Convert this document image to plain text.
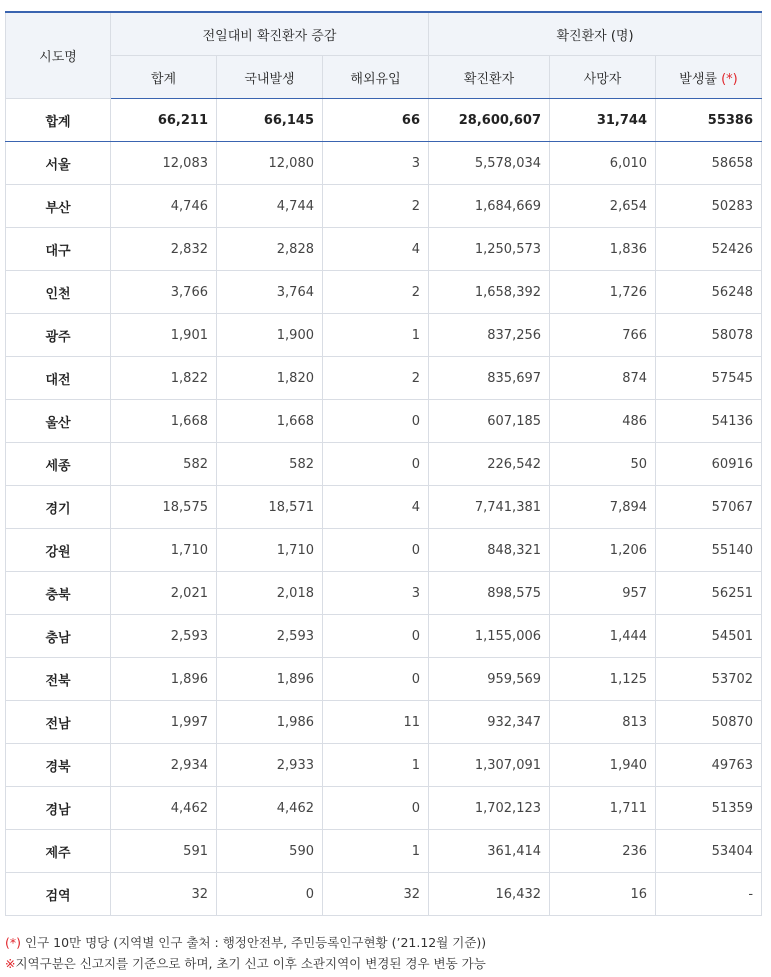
시도명	전일대비 확진환자 증감			확진환자 (명)		
	합계	국내발생	해외유입	확진환자	사망자	발생률 (*)
합계	66,211	66,145	66	28,600,607	31,744	55386
서울	12,083	12,080	3	5,578,034	6,010	58658
부산	4,746	4,744	2	1,684,669	2,654	50283
대구	2,832	2,828	4	1,250,573	1,836	52426
인천	3,766	3,764	2	1,658,392	1,726	56248
광주	1,901	1,900	1	837,256	766	58078
대전	1,822	1,820	2	835,697	874	57545
울산	1,668	1,668	0	607,185	486	54136
세종	582	582	0	226,542	50	60916
경기	18,575	18,571	4	7,741,381	7,894	57067
강원	1,710	1,710	0	848,321	1,206	55140
충북	2,021	2,018	3	898,575	957	56251
충남	2,593	2,593	0	1,155,006	1,444	54501
전북	1,896	1,896	0	959,569	1,125	53702
전남	1,997	1,986	11	932,347	813	50870
경북	2,934	2,933	1	1,307,091	1,940	49763
경남	4,462	4,462	0	1,702,123	1,711	51359
제주	591	590	1	361,414	236	53404
검역	32	0	32	16,432	16	-
(*) 인구 10만 명당 (지역별 인구 출처 : 행정안전부, 주민등록인구현황 (’21.12월 기준))
※지역구분은 신고지를 기준으로 하며, 초기 신고 이후 소관지역이 변경된 경우 변동 가능
